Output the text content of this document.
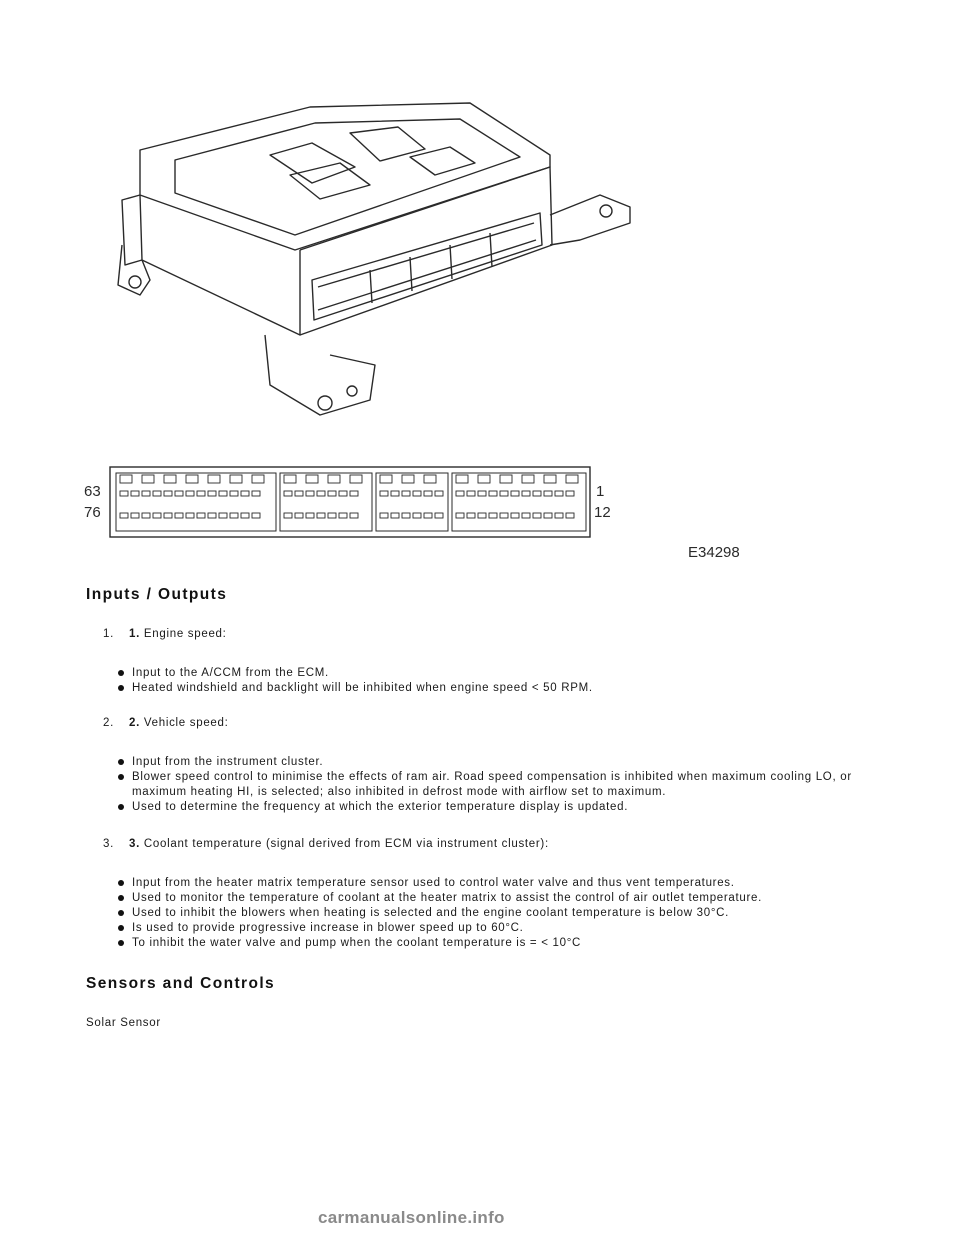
63
76
1
12
E34298
Inputs / Outputs
1. 1. Engine speed:
Input to the A/CCM from the ECM.
Heated windshield and backlight will be inhibited when engine speed < 50 RPM.
2. 2. Vehicle speed:
Input from the instrument cluster.
Blower speed control to minimise the effects of ram air. Road speed compensation is inhibited when maximum cooling LO, or maximum heating HI, is selected; also inhibited in defrost mode with airflow set to maximum.
Used to determine the frequency at which the exterior temperature display is updated.
3. 3. Coolant temperature (signal derived from ECM via instrument cluster):
Input from the heater matrix temperature sensor used to control water valve and thus vent temperatures.
Used to monitor the temperature of coolant at the heater matrix to assist the control of air outlet temperature.
Used to inhibit the blowers when heating is selected and the engine coolant temperature is below 30°C.
Is used to provide progressive increase in blower speed up to 60°C.
To inhibit the water valve and pump when the coolant temperature is = < 10°C
Sensors and Controls
Solar Sensor
carmanualsonline.info
